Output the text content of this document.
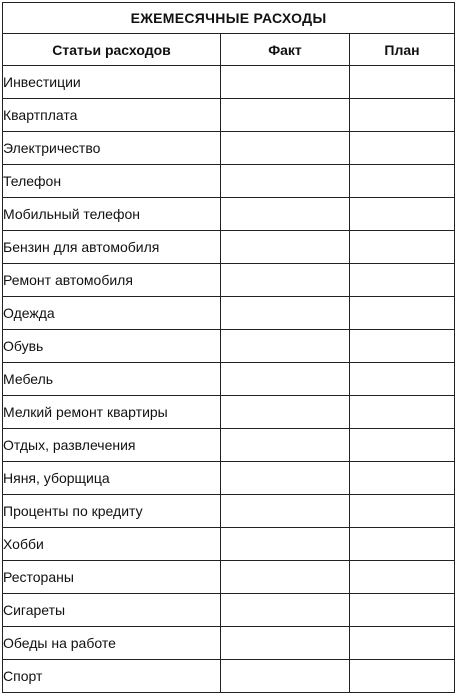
ЕЖЕМЕСЯЧНЫЕ РАСХОДЫ		
Статьи расходов	Факт	План
Инвестиции		
Квартплата		
Электричество		
Телефон		
Мобильный телефон		
Бензин для автомобиля		
Ремонт автомобиля		
Одежда		
Обувь		
Мебель		
Мелкий ремонт квартиры		
Отдых, развлечения		
Няня, уборщица		
Проценты по кредиту		
Хобби		
Рестораны		
Сигареты		
Обеды на работе		
Спорт		
